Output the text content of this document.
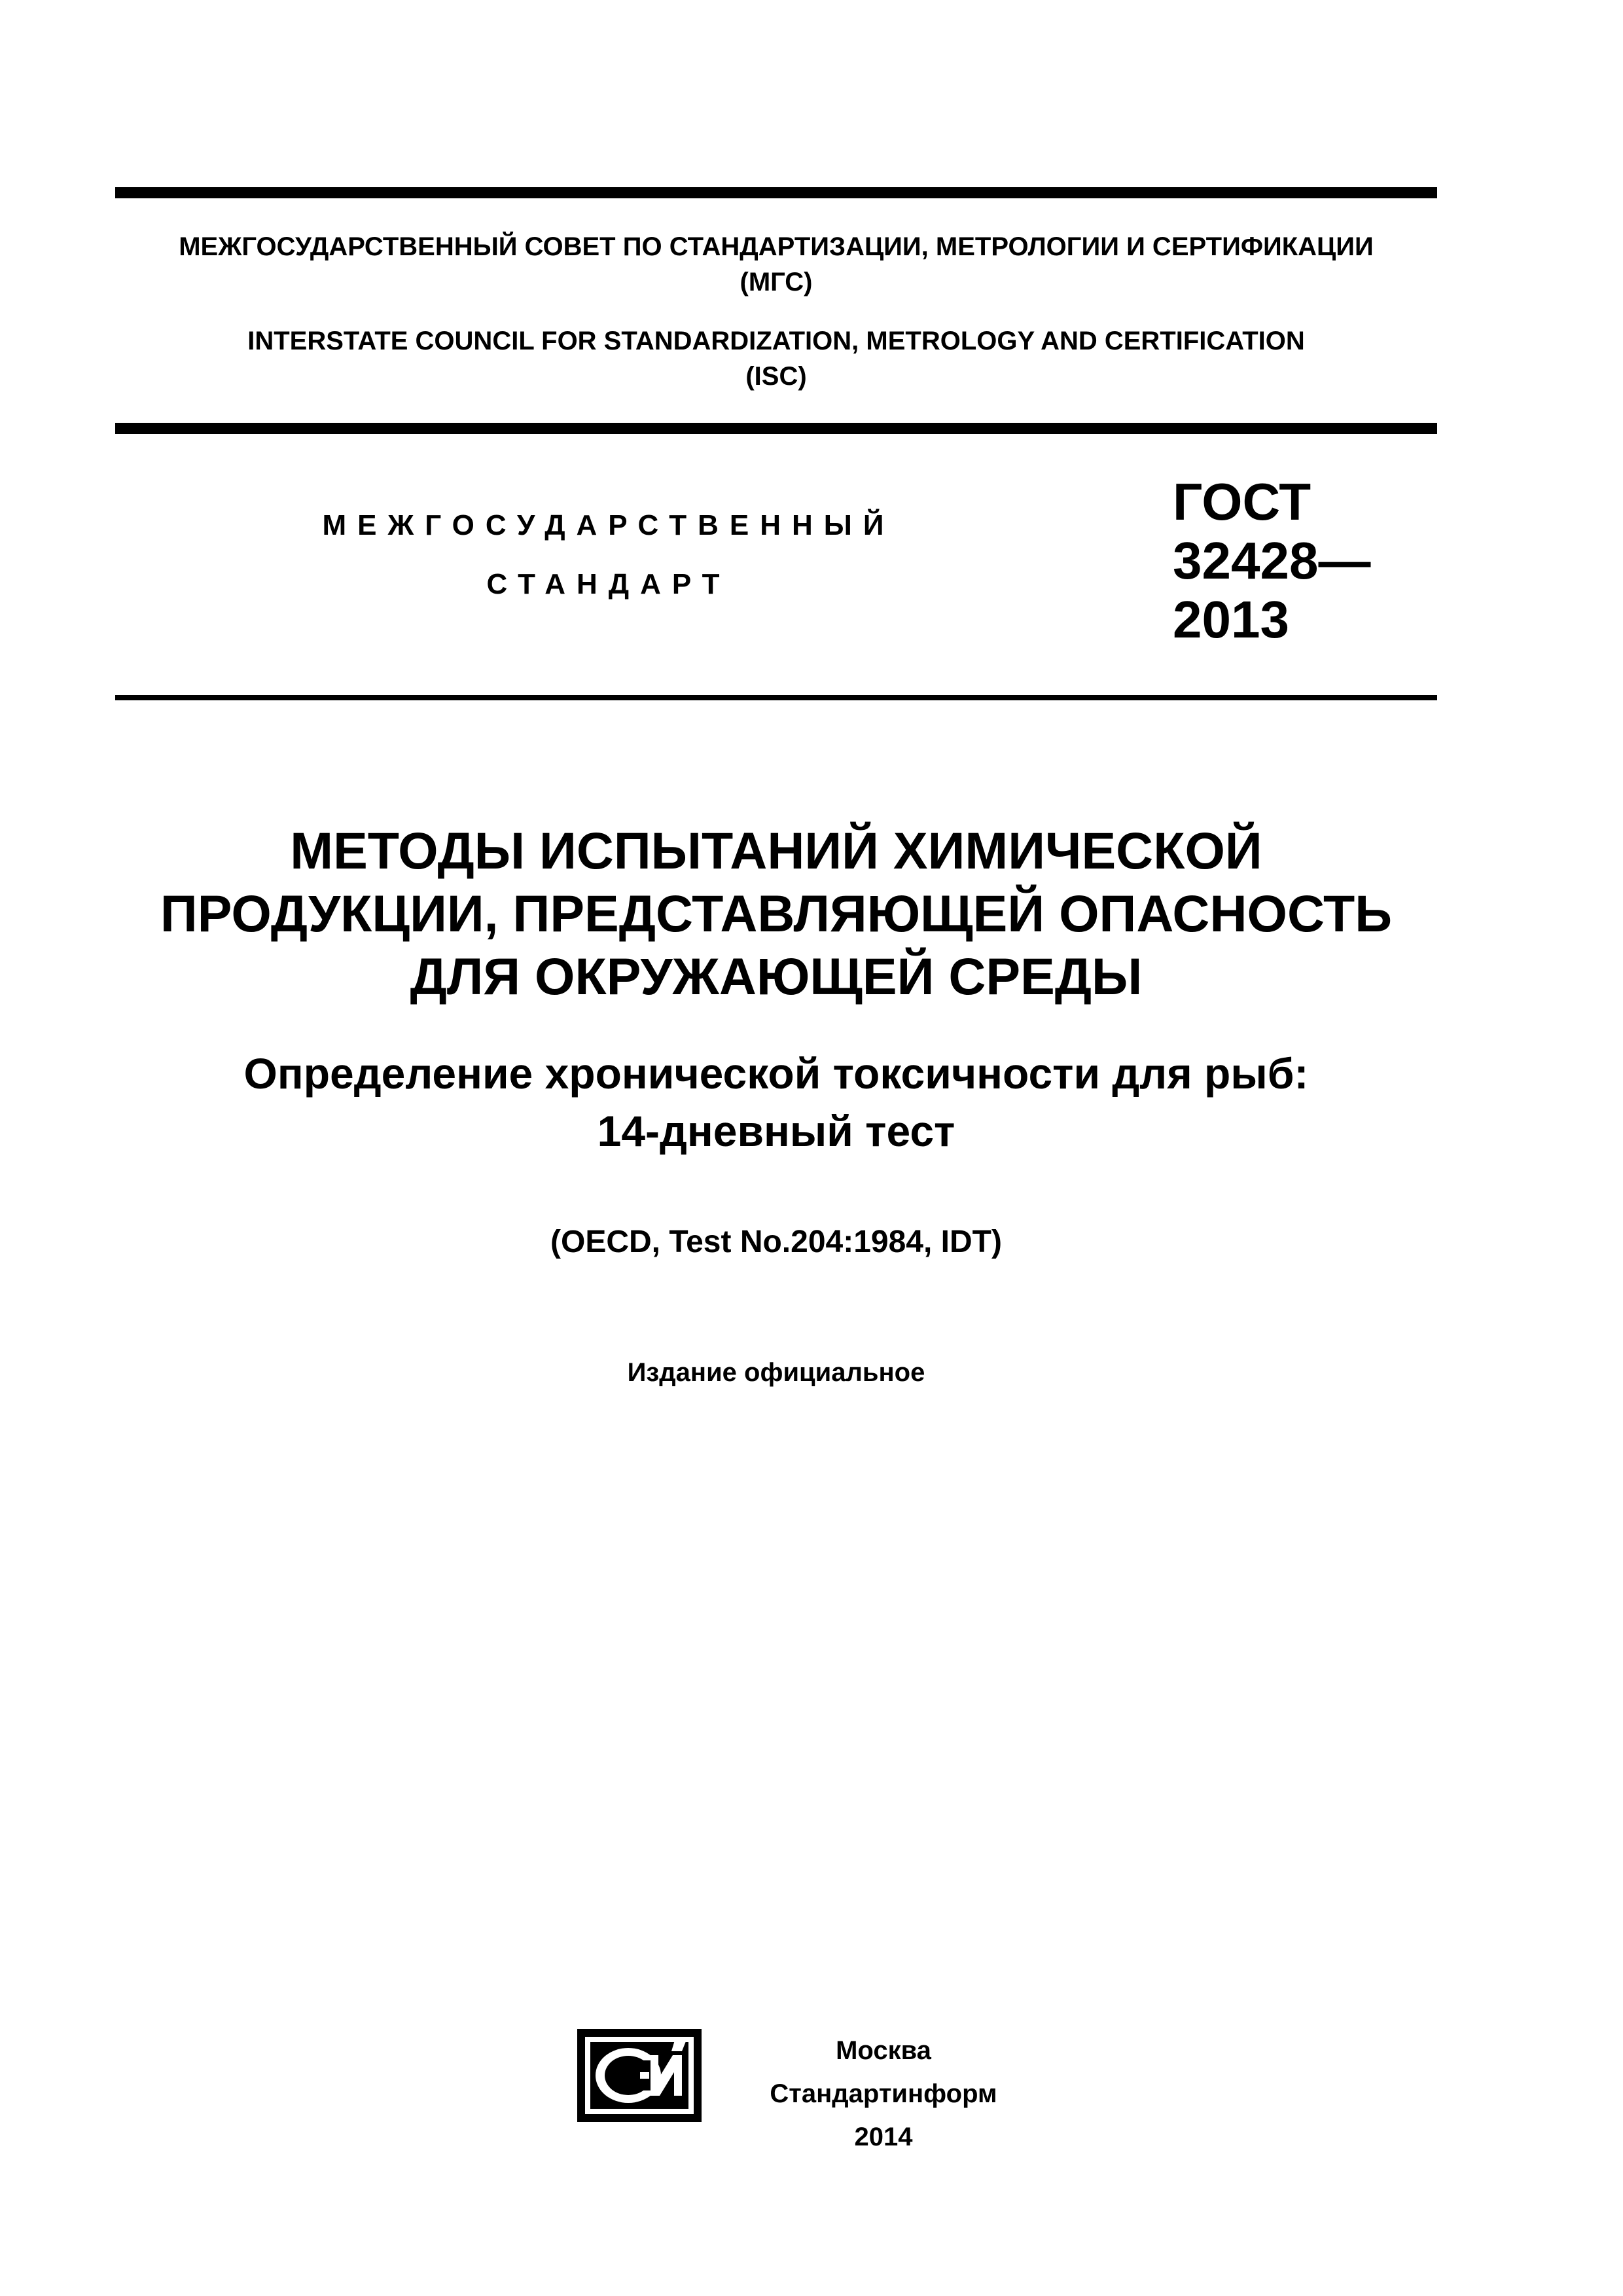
МЕЖГОСУДАРСТВЕННЫЙ СОВЕТ ПО СТАНДАРТИЗАЦИИ, МЕТРОЛОГИИ И СЕРТИФИКАЦИИ
(МГС)
INTERSTATE COUNCIL FOR STANDARDIZATION, METROLOGY AND CERTIFICATION
(ISC)
МЕЖГОСУДАРСТВЕННЫЙ
СТАНДАРТ
ГОСТ
32428—
2013
МЕТОДЫ ИСПЫТАНИЙ ХИМИЧЕСКОЙ
ПРОДУКЦИИ, ПРЕДСТАВЛЯЮЩЕЙ ОПАСНОСТЬ
ДЛЯ ОКРУЖАЮЩЕЙ СРЕДЫ
Определение хронической токсичности для рыб:
14-дневный тест
(OECD, Test No.204:1984, IDT)
Издание официальное
Москва
Стандартинформ
2014
